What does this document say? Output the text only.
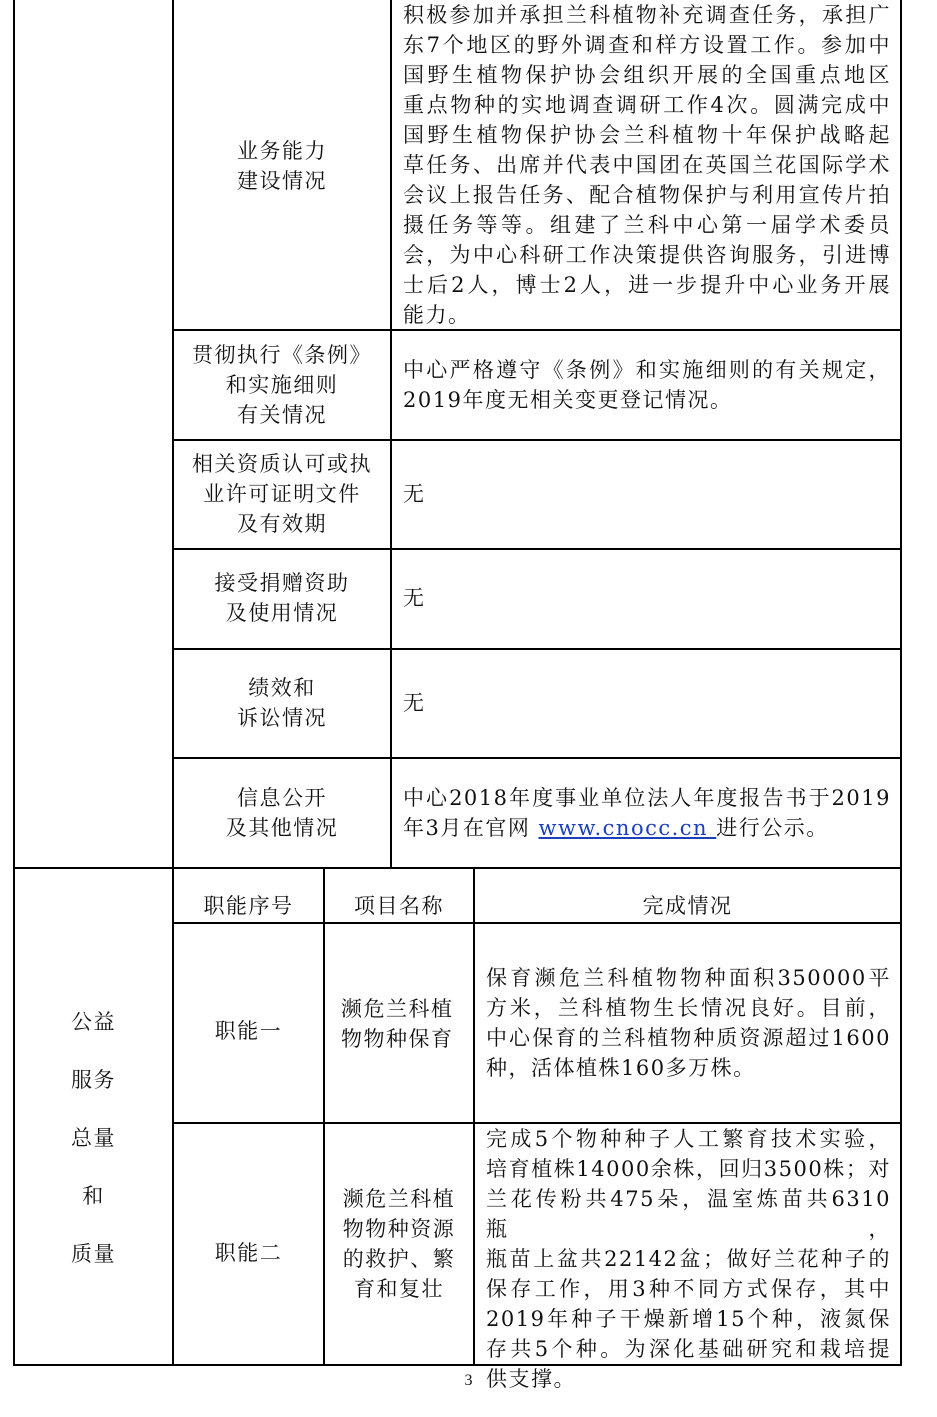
业务能力
建设情况
积极参加并承担兰科植物补充调查任务，承担广
东7个地区的野外调查和样方设置工作。参加中
国野生植物保护协会组织开展的全国重点地区
重点物种的实地调查调研工作4次。圆满完成中
国野生植物保护协会兰科植物十年保护战略起
草任务、出席并代表中国团在英国兰花国际学术
会议上报告任务、配合植物保护与利用宣传片拍
摄任务等等。组建了兰科中心第一届学术委员
会，为中心科研工作决策提供咨询服务，引进博
士后2人，博士2人，进一步提升中心业务开展
能力。
贯彻执行《条例》
和实施细则
有关情况
中心严格遵守《条例》和实施细则的有关规定，
2019年度无相关变更登记情况。
相关资质认可或执
业许可证明文件
及有效期
无
接受捐赠资助
及使用情况
无
绩效和
诉讼情况
无
信息公开
及其他情况
中心2018年度事业单位法人年度报告书于2019
年3月在官网 www.cnocc.cn 进行公示。
公益
服务
总量
和
质量
职能序号	项目名称	完成情况
职能一
濒危兰科植
物物种保育
保育濒危兰科植物物种面积350000平
方米，兰科植物生长情况良好。目前，
中心保育的兰科植物种质资源超过1600
种，活体植株160多万株。
职能二
濒危兰科植
物物种资源
的救护、繁
育和复壮
完成5个物种种子人工繁育技术实验，
培育植株14000余株，回归3500株；对
兰花传粉共475朵，温室炼苗共6310瓶，
瓶苗上盆共22142盆；做好兰花种子的
保存工作，用3种不同方式保存，其中
2019年种子干燥新增15个种，液氮保
存共5个种。为深化基础研究和栽培提
供支撑。
3
